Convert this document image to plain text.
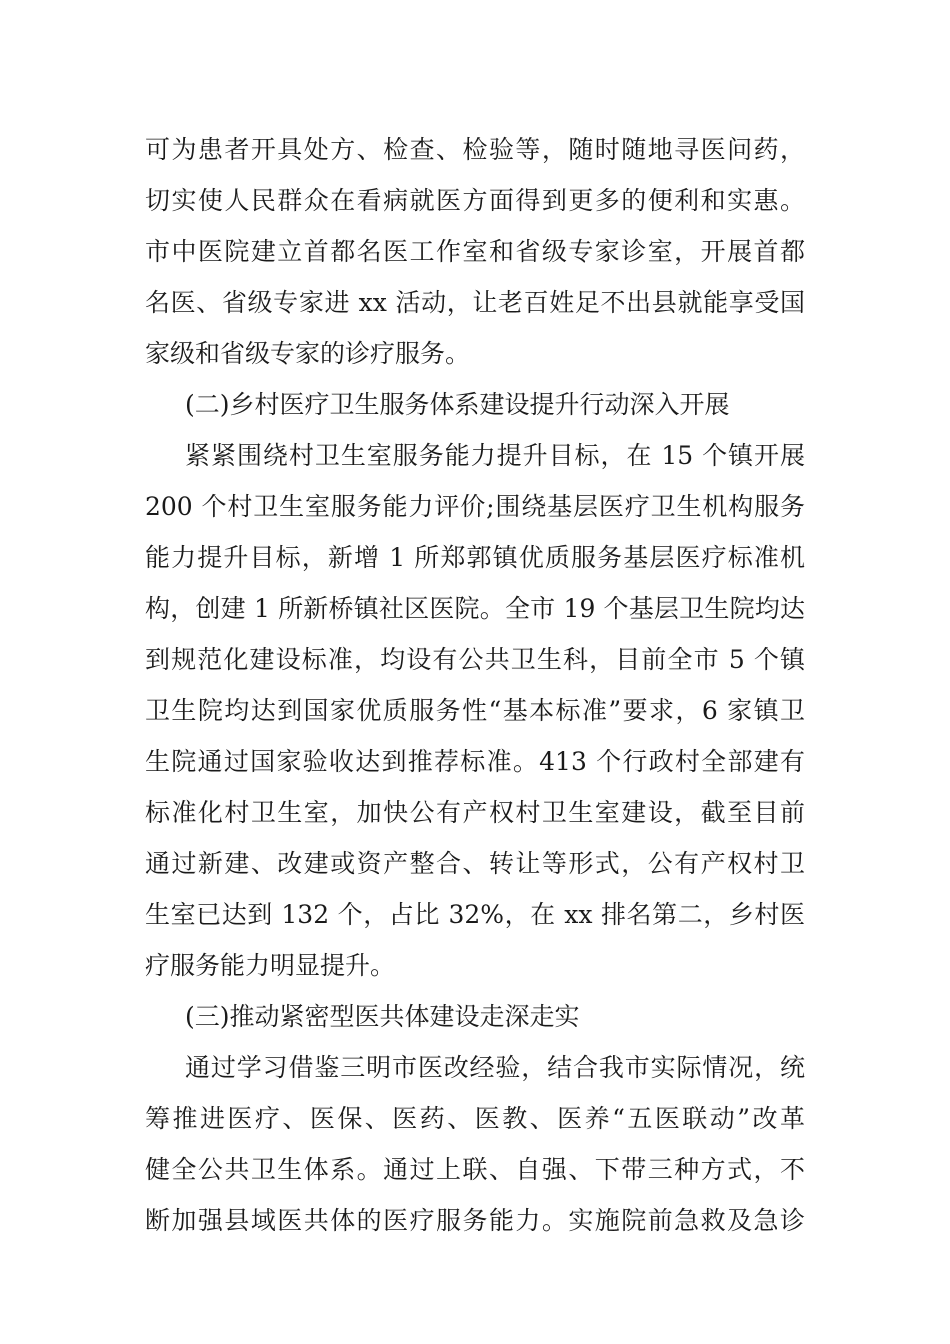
可为患者开具处方、检查、检验等，随时随地寻医问药，
切实使人民群众在看病就医方面得到更多的便利和实惠。
市中医院建立首都名医工作室和省级专家诊室，开展首都
名医、省级专家进 xx 活动，让老百姓足不出县就能享受国
家级和省级专家的诊疗服务。
(二)乡村医疗卫生服务体系建设提升行动深入开展
紧紧围绕村卫生室服务能力提升目标，在 15 个镇开展
200 个村卫生室服务能力评价;围绕基层医疗卫生机构服务
能力提升目标，新增 1 所郑郭镇优质服务基层医疗标准机
构，创建 1 所新桥镇社区医院。全市 19 个基层卫生院均达
到规范化建设标准，均设有公共卫生科，目前全市 5 个镇
卫生院均达到国家优质服务性“基本标准”要求，6 家镇卫
生院通过国家验收达到推荐标准。413 个行政村全部建有
标准化村卫生室，加快公有产权村卫生室建设，截至目前
通过新建、改建或资产整合、转让等形式，公有产权村卫
生室已达到 132 个，占比 32%，在 xx 排名第二，乡村医
疗服务能力明显提升。
(三)推动紧密型医共体建设走深走实
通过学习借鉴三明市医改经验，结合我市实际情况，统
筹推进医疗、医保、医药、医教、医养“五医联动”改革
健全公共卫生体系。通过上联、自强、下带三种方式，不
断加强县域医共体的医疗服务能力。实施院前急救及急诊
